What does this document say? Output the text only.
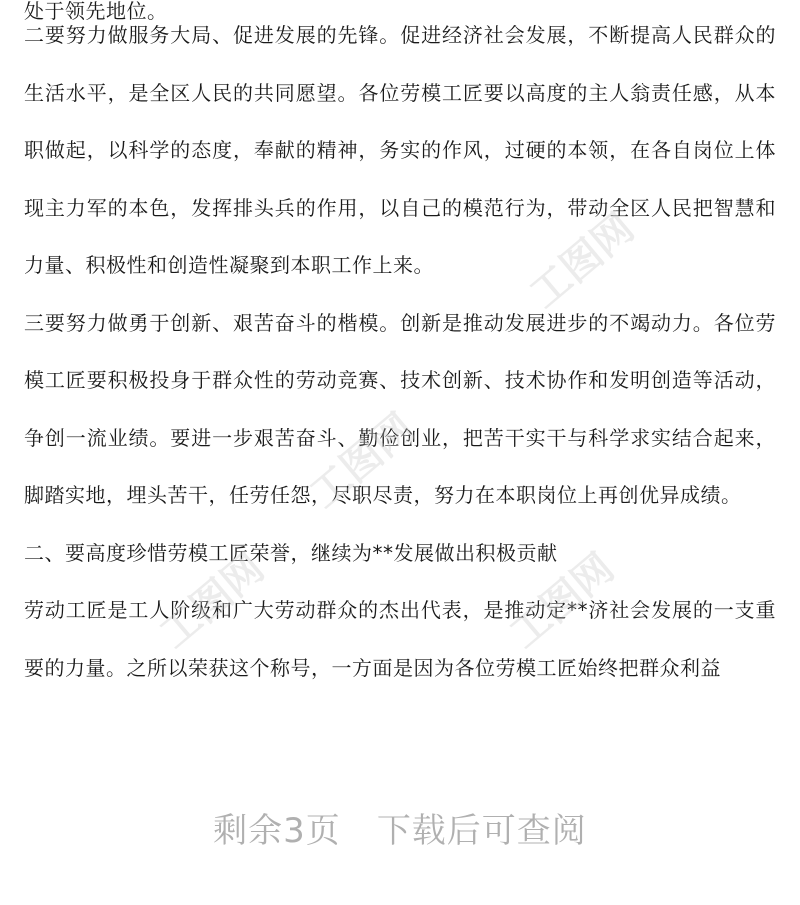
处于领先地位。

二要努力做服务大局、促进发展的先锋。促进经济社会发展，不断提高人民群众的生活水平，是全区人民的共同愿望。各位劳模工匠要以高度的主人翁责任感，从本职做起，以科学的态度，奉献的精神，务实的作风，过硬的本领，在各自岗位上体现主力军的本色，发挥排头兵的作用，以自己的模范行为，带动全区人民把智慧和力量、积极性和创造性凝聚到本职工作上来。

三要努力做勇于创新、艰苦奋斗的楷模。创新是推动发展进步的不竭动力。各位劳模工匠要积极投身于群众性的劳动竞赛、技术创新、技术协作和发明创造等活动，争创一流业绩。要进一步艰苦奋斗、勤俭创业，把苦干实干与科学求实结合起来，脚踏实地，埋头苦干，任劳任怨，尽职尽责，努力在本职岗位上再创优异成绩。

二、要高度珍惜劳模工匠荣誉，继续为**发展做出积极贡献

劳动工匠是工人阶级和广大劳动群众的杰出代表，是推动定**济社会发展的一支重要的力量。之所以荣获这个称号，一方面是因为各位劳模工匠始终把群众利益

工图网
工图网
工图网	工图网
剩余3页 下载后可查阅
